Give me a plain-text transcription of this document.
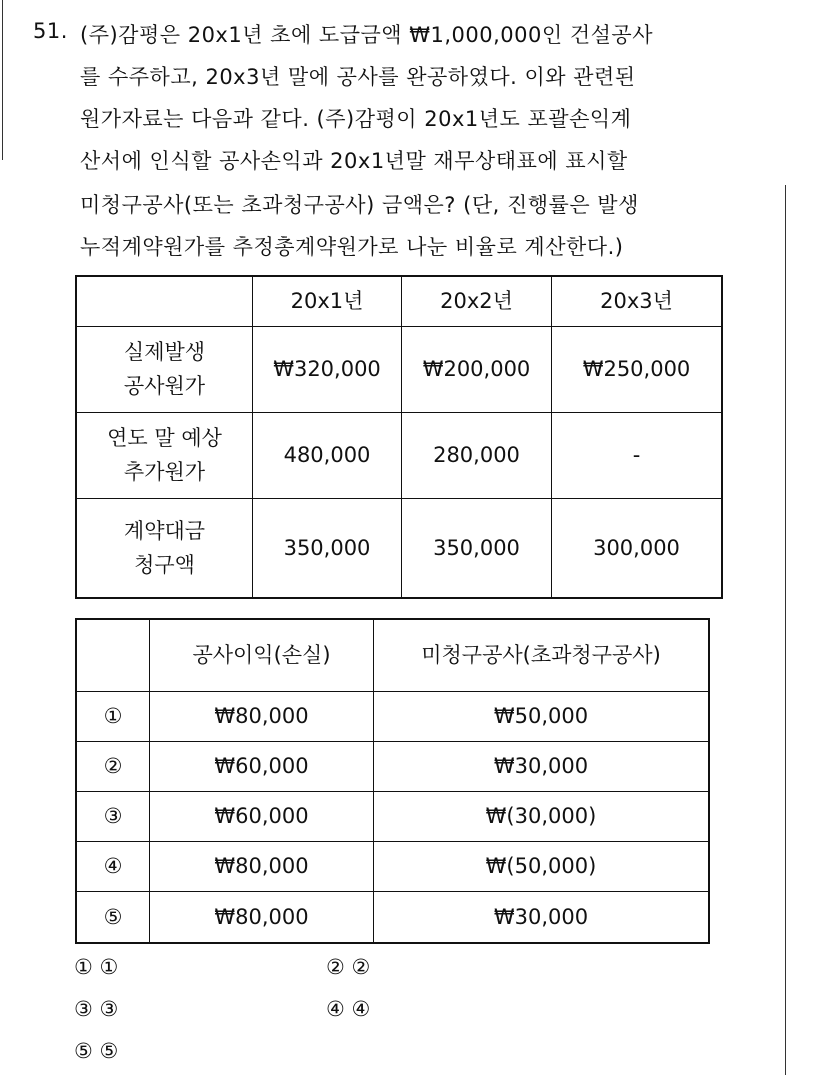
51. (주)감평은 20x1년 초에 도급금액 ₩1,000,000인 건설공사
를 수주하고, 20x3년 말에 공사를 완공하였다. 이와 관련된
원가자료는 다음과 같다. (주)감평이 20x1년도 포괄손익계
산서에 인식할 공사손익과 20x1년말 재무상태표에 표시할
미청구공사(또는 초과청구공사) 금액은? (단, 진행률은 발생
누적계약원가를 추정총계약원가로 나눈 비율로 계산한다.)
	20x1년	20x2년	20x3년

실제발생
공사원가	₩320,000	₩200,000	₩250,000

연도 말 예상
추가원가	480,000	280,000	-

계약대금
청구액	350,000	350,000	300,000
	공사이익(손실)	미청구공사(초과청구공사)
①	₩80,000	₩50,000
②	₩60,000	₩30,000
③	₩60,000	₩(30,000)
④	₩80,000	₩(50,000)
⑤	₩80,000	₩30,000
① ①	② ②
③ ③	④ ④
⑤ ⑤
